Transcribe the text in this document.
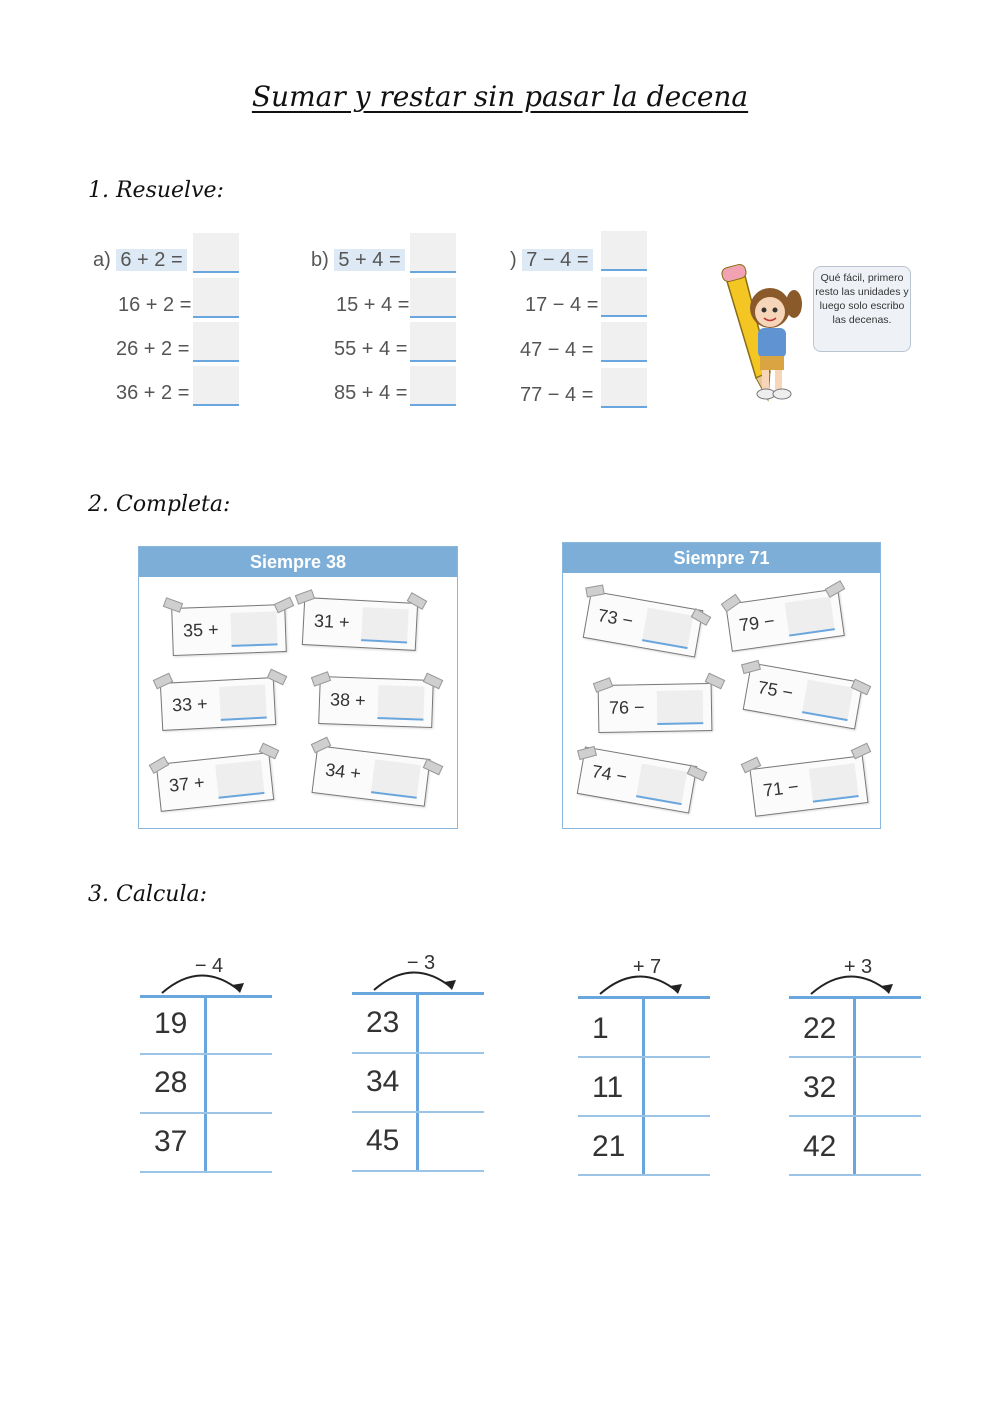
Sumar y restar sin pasar la decena
1. Resuelve:
a) 6 + 2 =
16 + 2 =
26 + 2 =
36 + 2 =
b) 5 + 4 =
15 + 4 =
55 + 4 =
85 + 4 =
) 7 − 4 =
17 − 4 =
47 − 4 =
77 − 4 =
Qué fácil, primero resto las unidades y luego solo escribo las decenas.
2. Completa:
Siempre 38
35 +	31 +
33 +	38 +
37 +
34 +
Siempre 71
73 −	79 −
76 −
75 −
74 −
71 −
3. Calcula:
− 4
19
28
37
− 3
23
34
45
+ 7
1
11
21
+ 3
22
32
42
